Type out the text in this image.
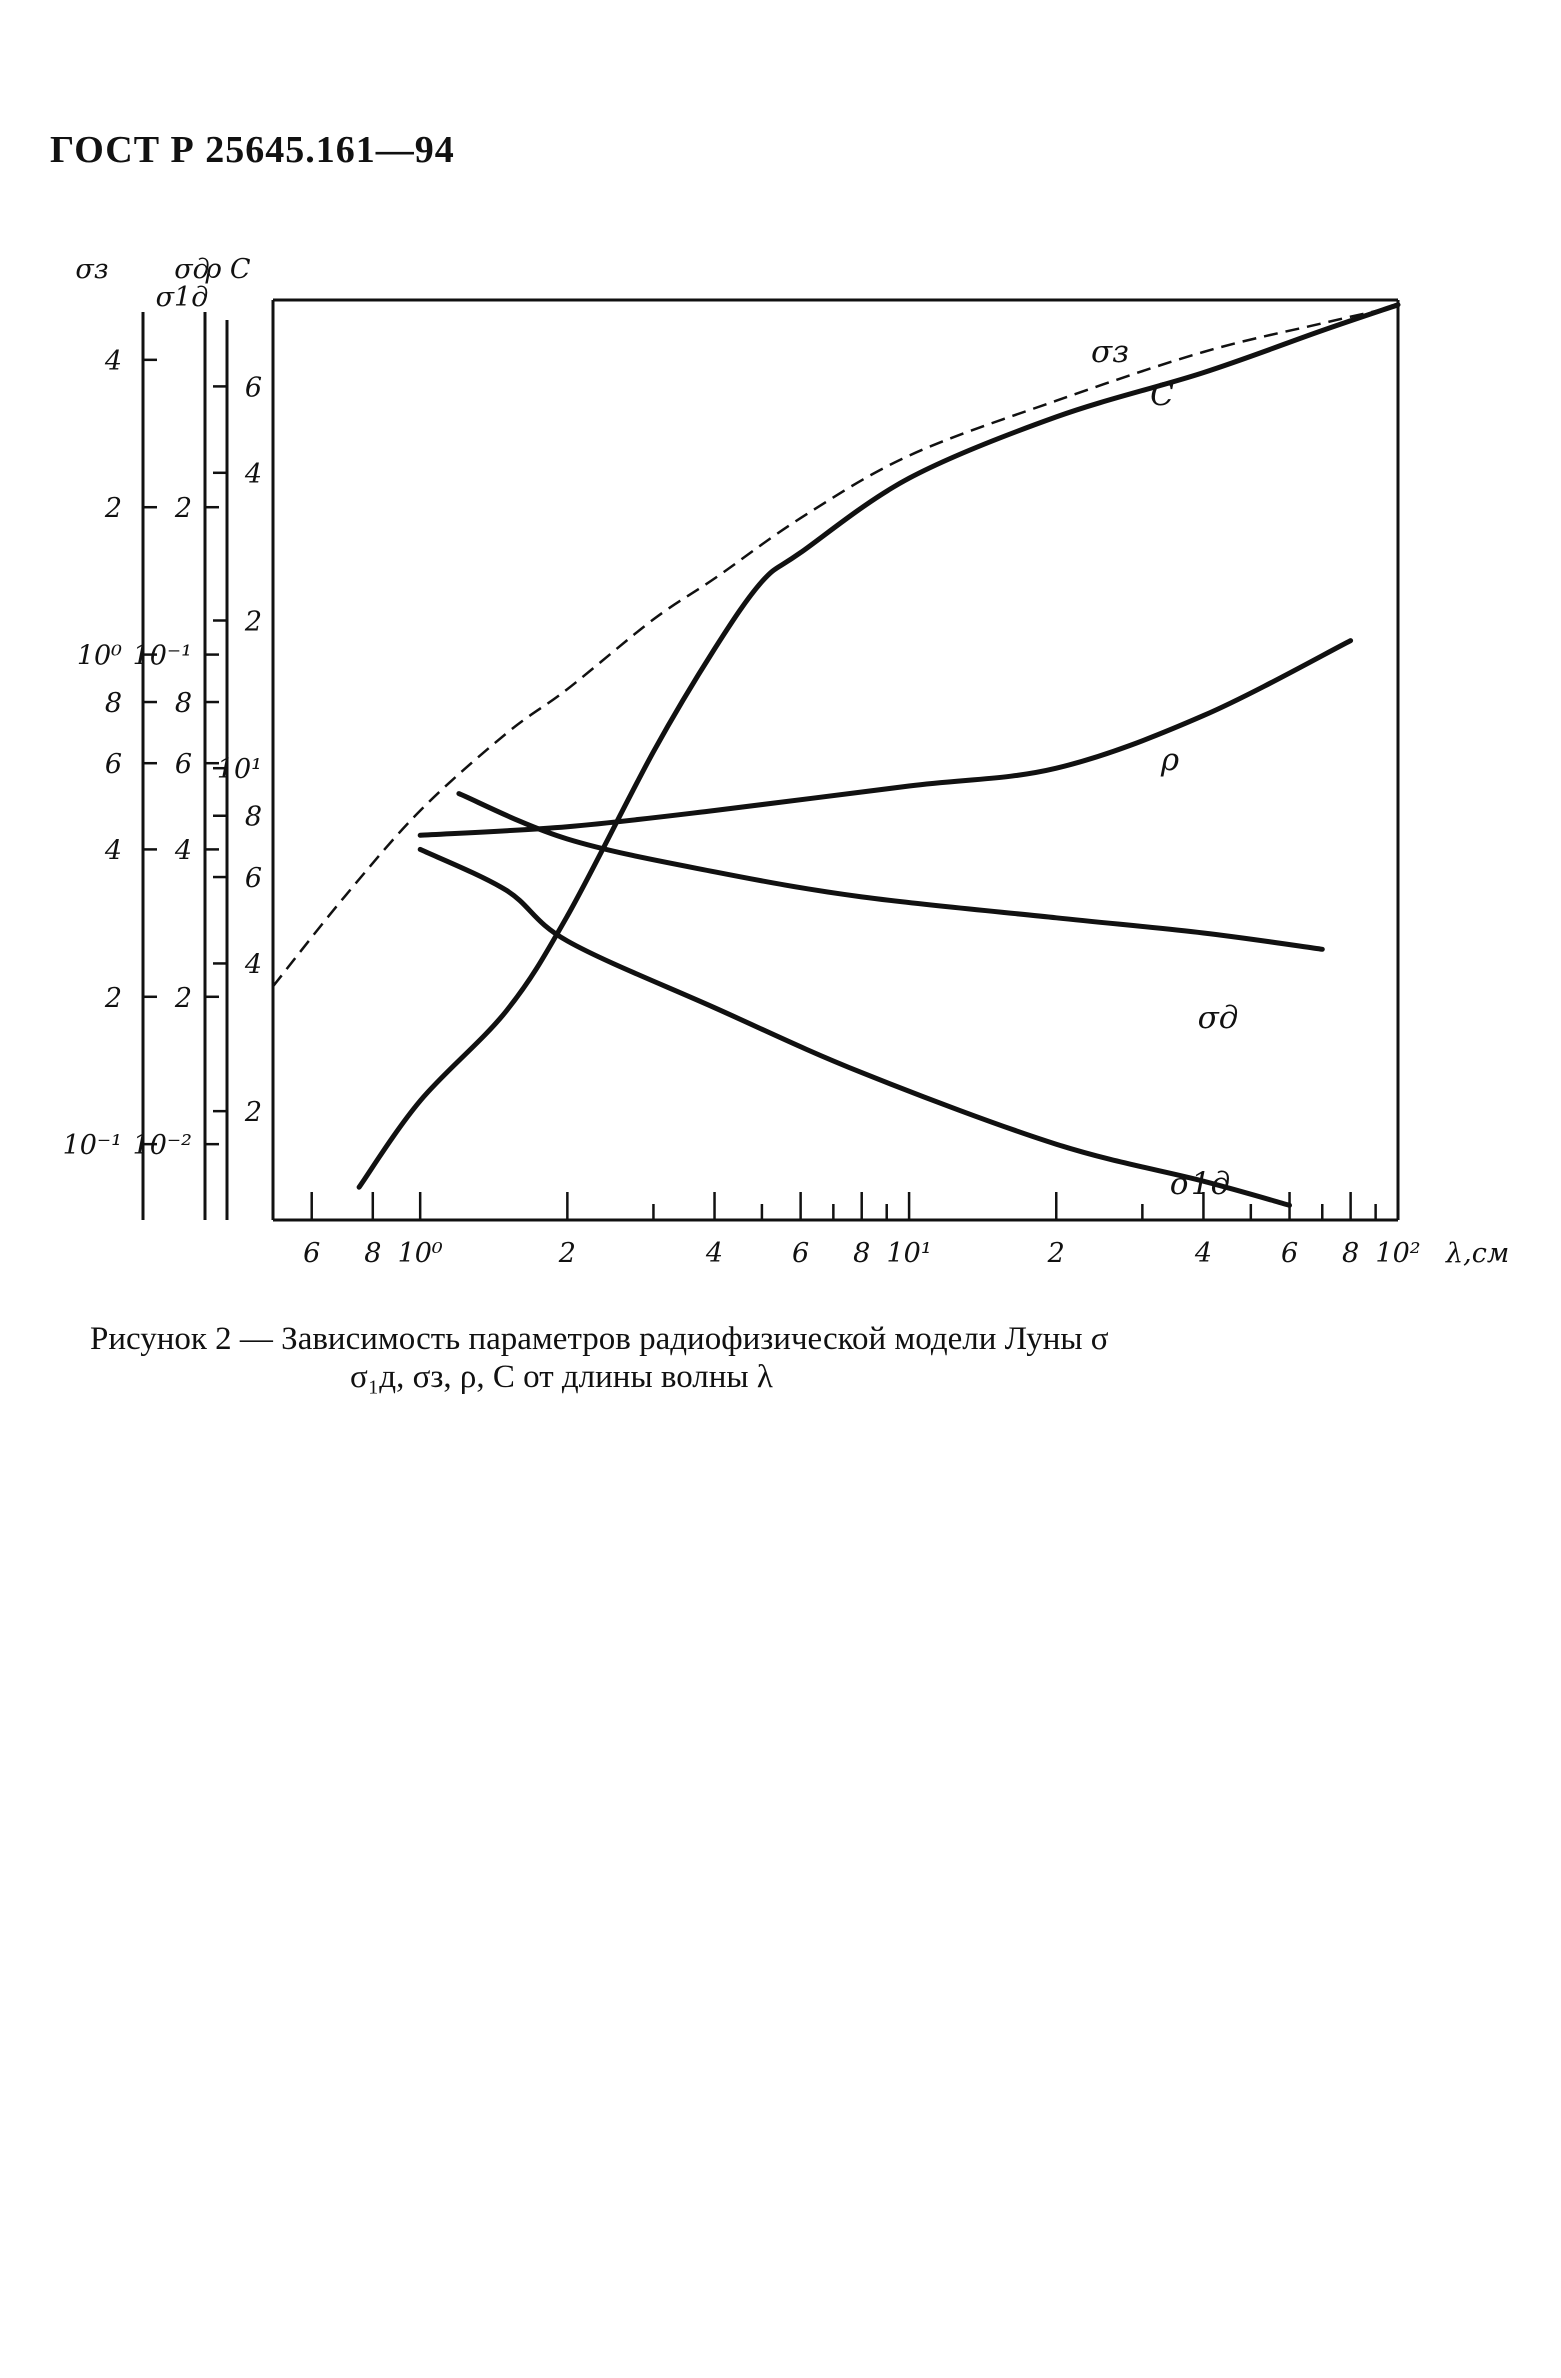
ГОСТ Р 25645.161—94
4
2
10⁰
8
6
4
2
10⁻¹
σз
2
10⁻¹
8
6
4
2
10⁻²
σд
σ1д
6
4
2
10¹
8
6
4
2
ρ C
6 8 10⁰	2	4	6 8 10¹	2	4	6 8 10² λ,см
σз
C
ρ
σд
σ1д
Рисунок 2 — Зависимость параметров радиофизической модели Луны σ
σ₁д, σз, ρ, C от длины волны λ
